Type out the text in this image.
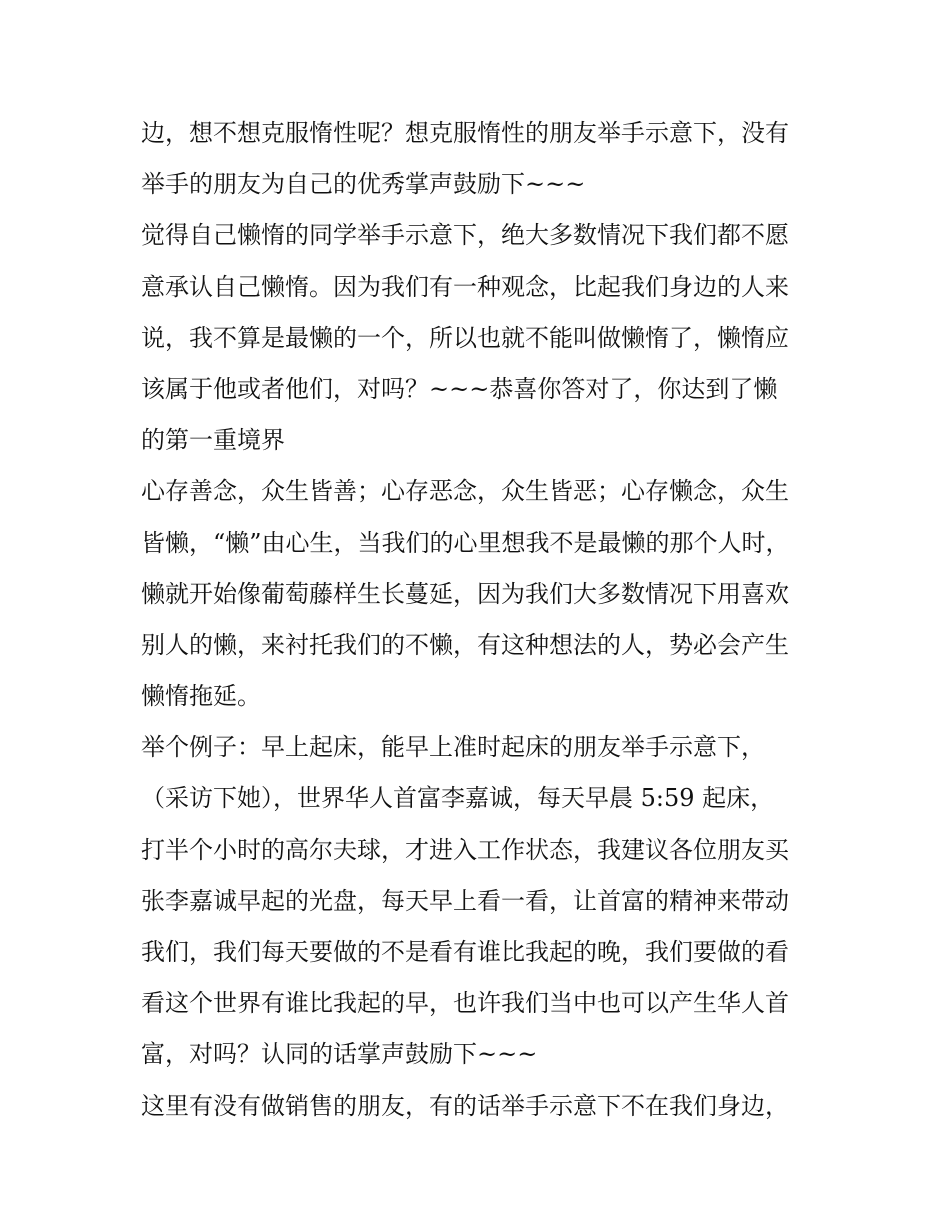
边，想不想克服惰性呢？想克服惰性的朋友举手示意下，没有
举手的朋友为自己的优秀掌声鼓励下~~~
觉得自己懒惰的同学举手示意下，绝大多数情况下我们都不愿
意承认自己懒惰。因为我们有一种观念，比起我们身边的人来
说，我不算是最懒的一个，所以也就不能叫做懒惰了，懒惰应
该属于他或者他们，对吗？~~~恭喜你答对了，你达到了懒
的第一重境界
心存善念，众生皆善；心存恶念，众生皆恶；心存懒念，众生
皆懒，“懒”由心生，当我们的心里想我不是最懒的那个人时，
懒就开始像葡萄藤样生长蔓延，因为我们大多数情况下用喜欢
别人的懒，来衬托我们的不懒，有这种想法的人，势必会产生
懒惰拖延。
举个例子：早上起床，能早上准时起床的朋友举手示意下，
（采访下她），世界华人首富李嘉诚，每天早晨 5:59 起床，
打半个小时的高尔夫球，才进入工作状态，我建议各位朋友买
张李嘉诚早起的光盘，每天早上看一看，让首富的精神来带动
我们，我们每天要做的不是看有谁比我起的晚，我们要做的看
看这个世界有谁比我起的早，也许我们当中也可以产生华人首
富，对吗？认同的话掌声鼓励下~~~
这里有没有做销售的朋友，有的话举手示意下不在我们身边，
